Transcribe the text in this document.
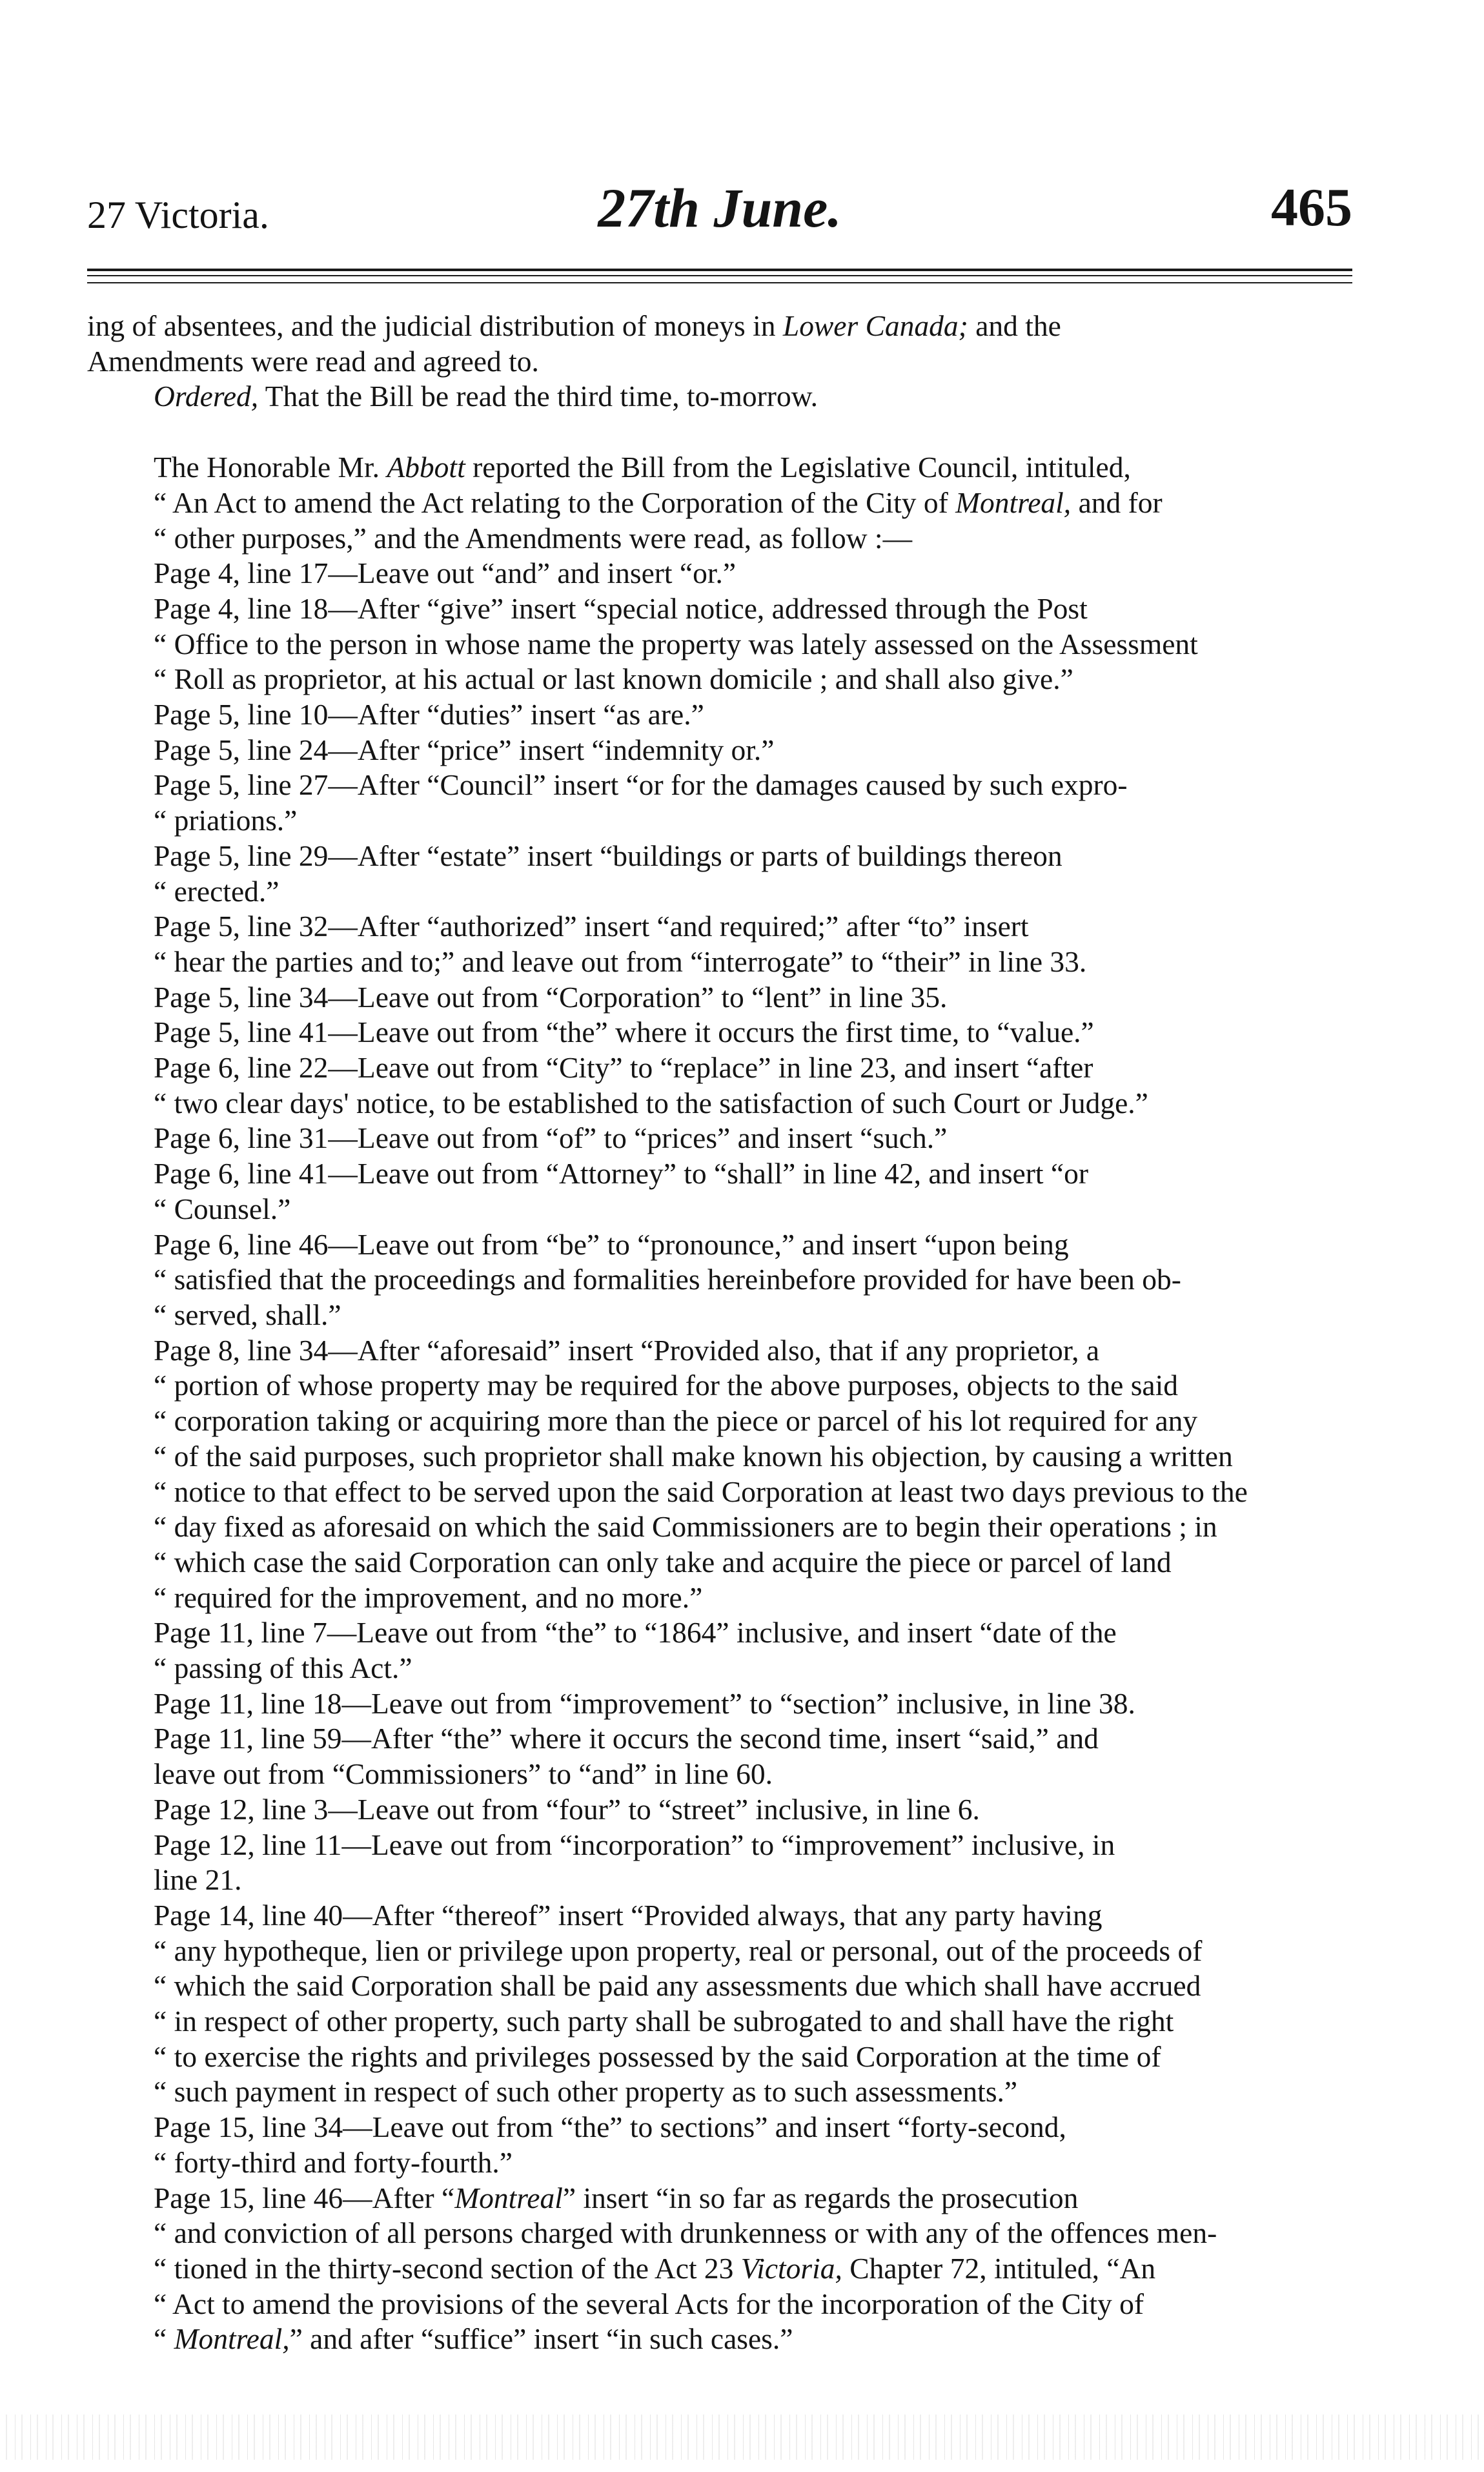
27 Victoria.	27th June.	465

ing of absentees, and the judicial distribution of moneys in Lower Canada; and the
Amendments were read and agreed to.

Ordered, That the Bill be read the third time, to-morrow.

The Honorable Mr. Abbott reported the Bill from the Legislative Council, intituled,
“ An Act to amend the Act relating to the Corporation of the City of Montreal, and for
“ other purposes,” and the Amendments were read, as follow :—

Page 4, line 17—Leave out “and” and insert “or.”

Page 4, line 18—After “give” insert “special notice, addressed through the Post
“ Office to the person in whose name the property was lately assessed on the Assessment
“ Roll as proprietor, at his actual or last known domicile ; and shall also give.”

Page 5, line 10—After “duties” insert “as are.”

Page 5, line 24—After “price” insert “indemnity or.”

Page 5, line 27—After “Council” insert “or for the damages caused by such expro-
“ priations.”

Page 5, line 29—After “estate” insert “buildings or parts of buildings thereon
“ erected.”

Page 5, line 32—After “authorized” insert “and required;” after “to” insert
“ hear the parties and to;” and leave out from “interrogate” to “their” in line 33.

Page 5, line 34—Leave out from “Corporation” to “lent” in line 35.

Page 5, line 41—Leave out from “the” where it occurs the first time, to “value.”

Page 6, line 22—Leave out from “City” to “replace” in line 23, and insert “after
“ two clear days' notice, to be established to the satisfaction of such Court or Judge.”

Page 6, line 31—Leave out from “of” to “prices” and insert “such.”

Page 6, line 41—Leave out from “Attorney” to “shall” in line 42, and insert “or
“ Counsel.”

Page 6, line 46—Leave out from “be” to “pronounce,” and insert “upon being
“ satisfied that the proceedings and formalities hereinbefore provided for have been ob-
“ served, shall.”

Page 8, line 34—After “aforesaid” insert “Provided also, that if any proprietor, a
“ portion of whose property may be required for the above purposes, objects to the said
“ corporation taking or acquiring more than the piece or parcel of his lot required for any
“ of the said purposes, such proprietor shall make known his objection, by causing a written
“ notice to that effect to be served upon the said Corporation at least two days previous to the
“ day fixed as aforesaid on which the said Commissioners are to begin their operations ; in
“ which case the said Corporation can only take and acquire the piece or parcel of land
“ required for the improvement, and no more.”

Page 11, line 7—Leave out from “the” to “1864” inclusive, and insert “date of the
“ passing of this Act.”

Page 11, line 18—Leave out from “improvement” to “section” inclusive, in line 38.

Page 11, line 59—After “the” where it occurs the second time, insert “said,” and
leave out from “Commissioners” to “and” in line 60.

Page 12, line 3—Leave out from “four” to “street” inclusive, in line 6.

Page 12, line 11—Leave out from “incorporation” to “improvement” inclusive, in
line 21.

Page 14, line 40—After “thereof” insert “Provided always, that any party having
“ any hypotheque, lien or privilege upon property, real or personal, out of the proceeds of
“ which the said Corporation shall be paid any assessments due which shall have accrued
“ in respect of other property, such party shall be subrogated to and shall have the right
“ to exercise the rights and privileges possessed by the said Corporation at the time of
“ such payment in respect of such other property as to such assessments.”

Page 15, line 34—Leave out from “the” to sections” and insert “forty-second,
“ forty-third and forty-fourth.”

Page 15, line 46—After “Montreal” insert “in so far as regards the prosecution
“ and conviction of all persons charged with drunkenness or with any of the offences men-
“ tioned in the thirty-second section of the Act 23 Victoria, Chapter 72, intituled, “An
“ Act to amend the provisions of the several Acts for the incorporation of the City of
“ Montreal,” and after “suffice” insert “in such cases.”
